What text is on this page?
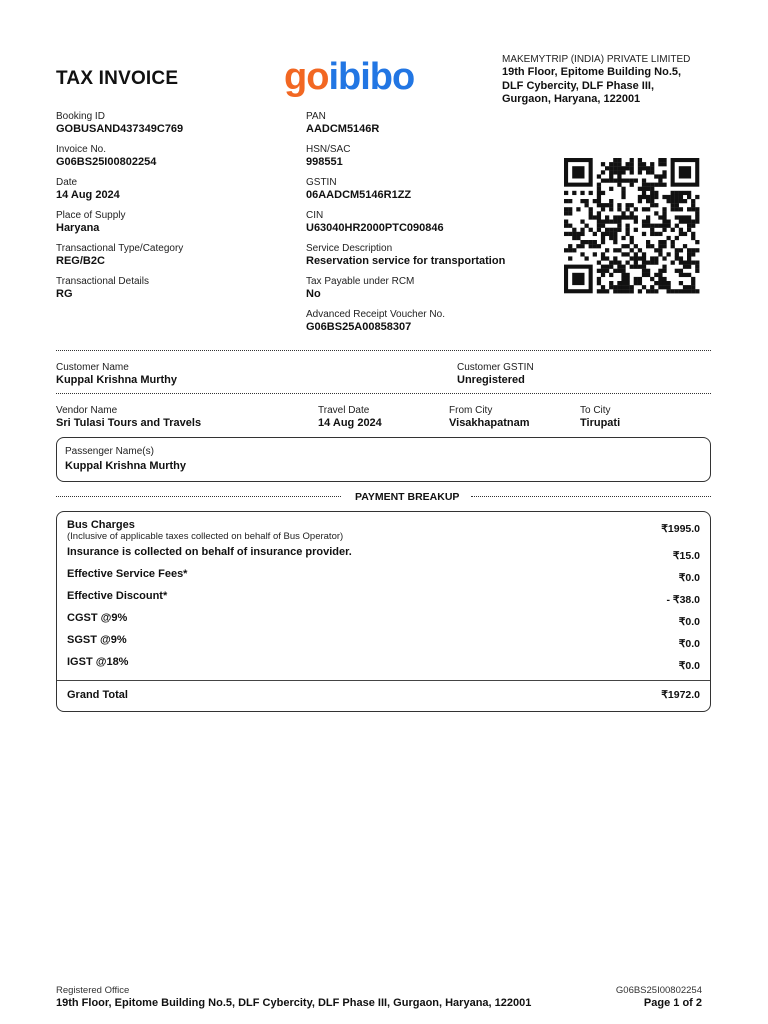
TAX INVOICE	goibibo	MAKEMYTRIP (INDIA) PRIVATE LIMITED
19th Floor, Epitome Building No.5,
DLF Cybercity, DLF Phase III,
Gurgaon, Haryana, 122001
Booking ID
GOBUSAND437349C769
Invoice No.
G06BS25I00802254
Date
14 Aug 2024
Place of Supply
Haryana
Transactional Type/Category
REG/B2C
Transactional Details
RG
PAN
AADCM5146R
HSN/SAC
998551
GSTIN
06AADCM5146R1ZZ
CIN
U63040HR2000PTC090846
Service Description
Reservation service for transportation
Tax Payable under RCM
No
Advanced Receipt Voucher No.
G06BS25A00858307
Customer Name
Kuppal Krishna Murthy
Customer GSTIN
Unregistered
Vendor Name
Sri Tulasi Tours and Travels
Travel Date
14 Aug 2024
From City
Visakhapatnam
To City
Tirupati
Passenger Name(s)
Kuppal Krishna Murthy
PAYMENT BREAKUP
Bus Charges
(Inclusive of applicable taxes collected on behalf of Bus Operator)
₹1995.0
Insurance is collected on behalf of insurance provider.	₹15.0
Effective Service Fees*	₹0.0
Effective Discount*	- ₹38.0
CGST @9%	₹0.0
SGST @9%	₹0.0
IGST @18%	₹0.0
Grand Total	₹1972.0
Registered Office
19th Floor, Epitome Building No.5, DLF Cybercity, DLF Phase III, Gurgaon, Haryana, 122001
G06BS25I00802254
Page 1 of 2
